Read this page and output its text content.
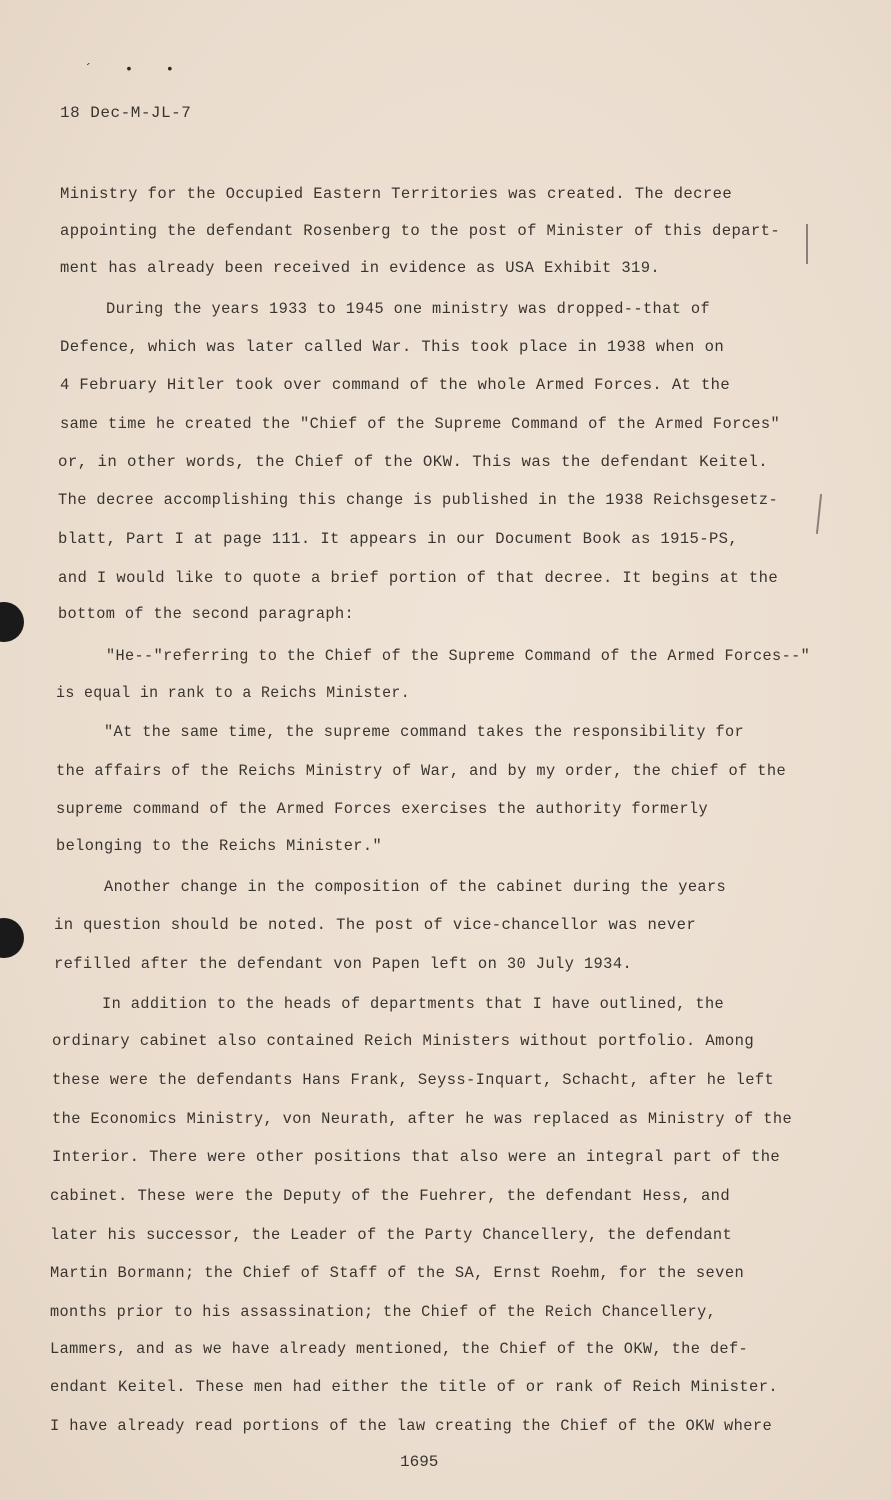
´ • •
18 Dec-M-JL-7
Ministry for the Occupied Eastern Territories was created. The decree
appointing the defendant Rosenberg to the post of Minister of this depart-
ment has already been received in evidence as USA Exhibit 319.
During the years 1933 to 1945 one ministry was dropped--that of
Defence, which was later called War. This took place in 1938 when on
4 February Hitler took over command of the whole Armed Forces. At the
same time he created the "Chief of the Supreme Command of the Armed Forces"
or, in other words, the Chief of the OKW. This was the defendant Keitel.
The decree accomplishing this change is published in the 1938 Reichsgesetz-
blatt, Part I at page 111. It appears in our Document Book as 1915-PS,
and I would like to quote a brief portion of that decree. It begins at the
bottom of the second paragraph:
"He--"referring to the Chief of the Supreme Command of the Armed Forces--"
is equal in rank to a Reichs Minister.
"At the same time, the supreme command takes the responsibility for
the affairs of the Reichs Ministry of War, and by my order, the chief of the
supreme command of the Armed Forces exercises the authority formerly
belonging to the Reichs Minister."
Another change in the composition of the cabinet during the years
in question should be noted. The post of vice-chancellor was never
refilled after the defendant von Papen left on 30 July 1934.
In addition to the heads of departments that I have outlined, the
ordinary cabinet also contained Reich Ministers without portfolio. Among
these were the defendants Hans Frank, Seyss-Inquart, Schacht, after he left
the Economics Ministry, von Neurath, after he was replaced as Ministry of the
Interior. There were other positions that also were an integral part of the
cabinet. These were the Deputy of the Fuehrer, the defendant Hess, and
later his successor, the Leader of the Party Chancellery, the defendant
Martin Bormann; the Chief of Staff of the SA, Ernst Roehm, for the seven
months prior to his assassination; the Chief of the Reich Chancellery,
Lammers, and as we have already mentioned, the Chief of the OKW, the def-
endant Keitel. These men had either the title of or rank of Reich Minister.
I have already read portions of the law creating the Chief of the OKW where
1695
